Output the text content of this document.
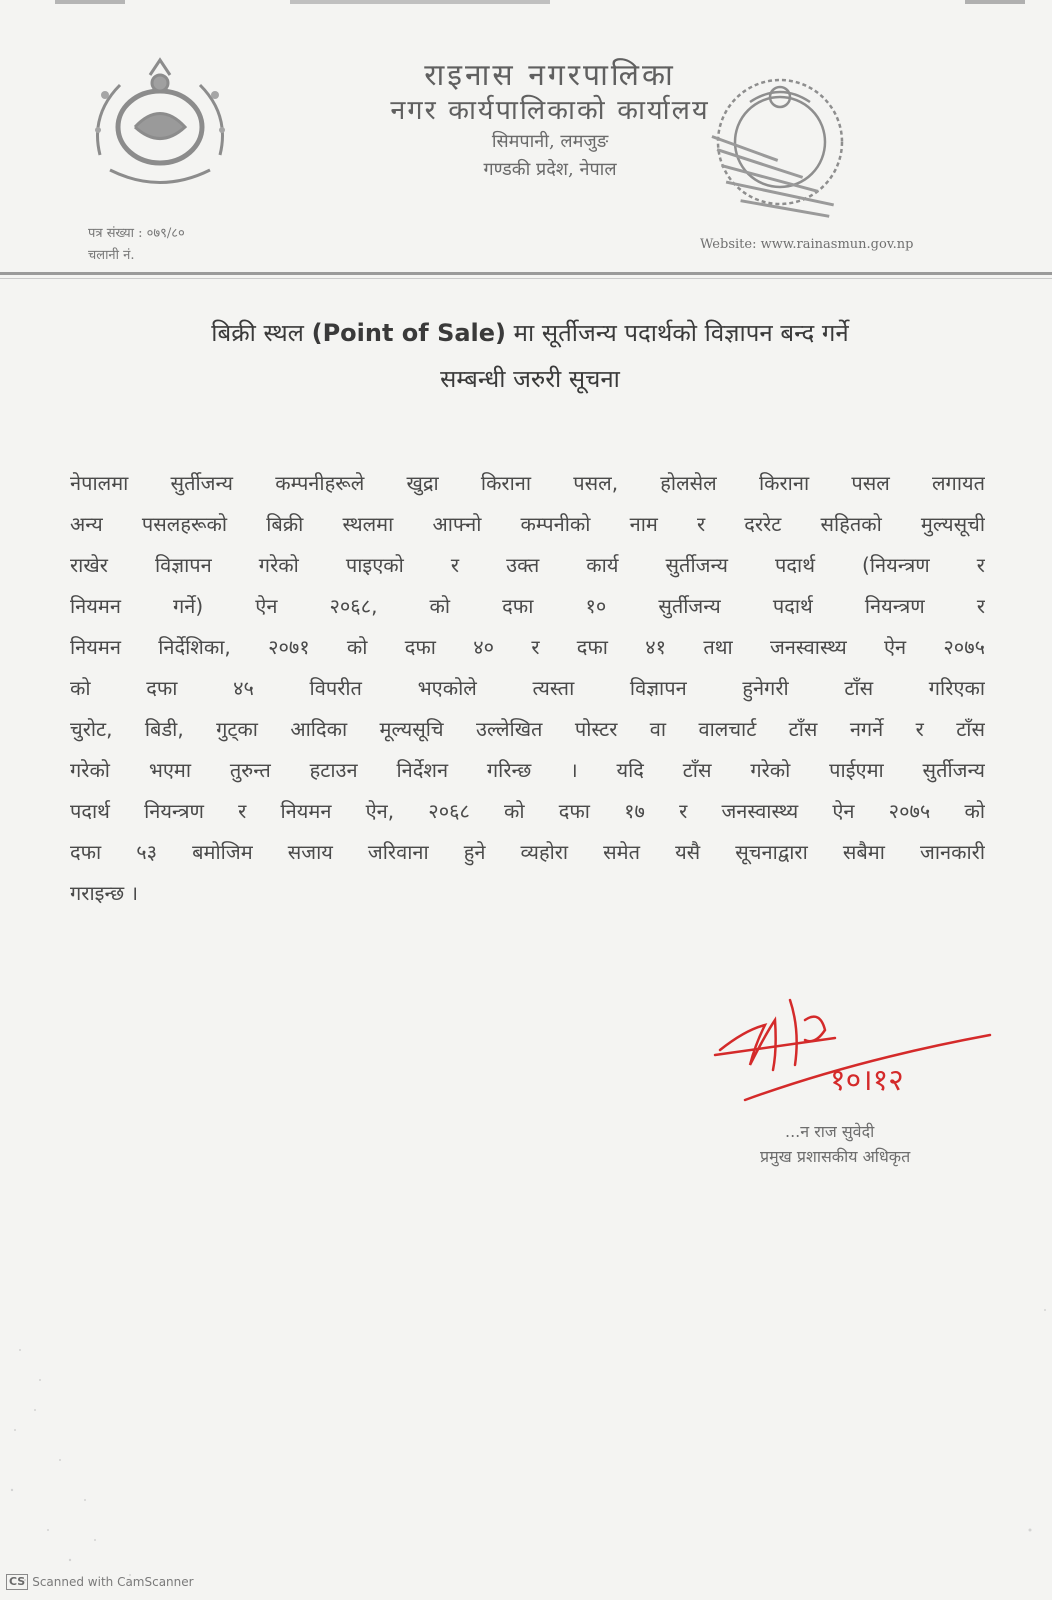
राइनास नगरपालिका
नगर कार्यपालिकाको कार्यालय
सिमपानी, लमजुङ
गण्डकी प्रदेश, नेपाल
पत्र संख्या : ०७९/८०
चलानी नं.
Website: www.rainasmun.gov.np
बिक्री स्थल (Point of Sale) मा सूर्तीजन्य पदार्थको विज्ञापन बन्द गर्ने
सम्बन्धी जरुरी सूचना
नेपालमा सुर्तीजन्य कम्पनीहरूले खुद्रा किराना पसल, होलसेल किराना पसल लगायत
अन्य पसलहरूको बिक्री स्थलमा आफ्नो कम्पनीको नाम र दररेट सहितको मुल्यसूची
राखेर विज्ञापन गरेको पाइएको र उक्त कार्य सुर्तीजन्य पदार्थ (नियन्त्रण र
नियमन गर्ने) ऐन २०६८, को दफा १० सुर्तीजन्य पदार्थ नियन्त्रण र
नियमन निर्देशिका, २०७१ को दफा ४० र दफा ४१ तथा जनस्वास्थ्य ऐन २०७५
को दफा ४५ विपरीत भएकोले त्यस्ता विज्ञापन हुनेगरी टाँस गरिएका
चुरोट, बिडी, गुट्का आदिका मूल्यसूचि उल्लेखित पोस्टर वा वालचार्ट टाँस नगर्ने र टाँस
गरेको भएमा तुरुन्त हटाउन निर्देशन गरिन्छ । यदि टाँस गरेको पाईएमा सुर्तीजन्य
पदार्थ नियन्त्रण र नियमन ऐन, २०६८ को दफा १७ र जनस्वास्थ्य ऐन २०७५ को
दफा ५३ बमोजिम सजाय जरिवाना हुने व्यहोरा समेत यसै सूचनाद्वारा सबैमा जानकारी
गराइन्छ ।
१०।१२
...न राज सुवेदी
प्रमुख प्रशासकीय अधिकृत
CS Scanned with CamScanner
